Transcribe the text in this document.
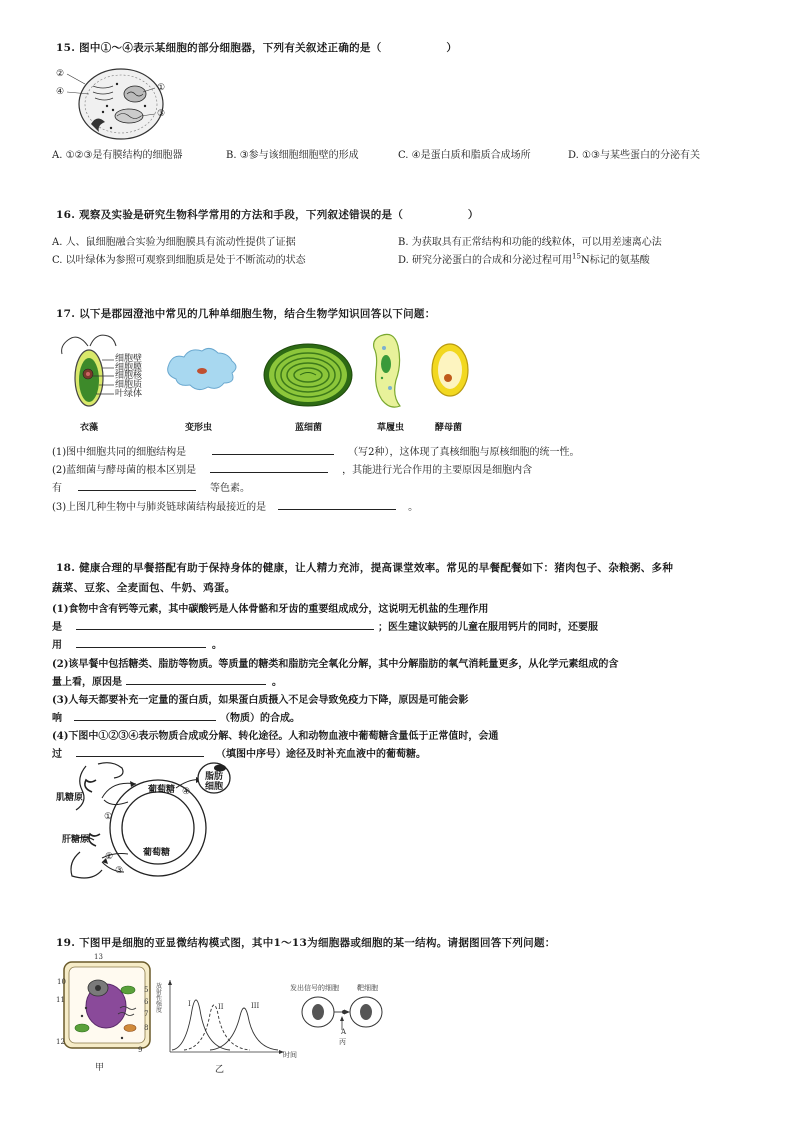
15. 图中①～④表示某细胞的部分细胞器，下列有关叙述正确的是（　　　　　　）
②
④	①
③
A. ①②③是有膜结构的细胞器	B. ③参与该细胞细胞壁的形成	C. ④是蛋白质和脂质合成场所	D. ①③与某些蛋白的分泌有关
16. 观察及实验是研究生物科学常用的方法和手段，下列叙述错误的是（　　　　　　）
A. 人、鼠细胞融合实验为细胞膜具有流动性提供了证据	B. 为获取具有正常结构和功能的线粒体，可以用差速离心法
C. 以叶绿体为参照可观察到细胞质是处于不断流动的状态	D. 研究分泌蛋白的合成和分泌过程可用$^{15}$N标记的氨基酸
17. 以下是郡园澄池中常见的几种单细胞生物，结合生物学知识回答以下问题：
细胞壁
细胞膜
细胞核
细胞质
叶绿体
衣藻	变形虫	蓝细菌	草履虫	酵母菌
(1)图中细胞共同的细胞结构是	（写2种），这体现了真核细胞与原核细胞的统一性。
(2)蓝细菌与酵母菌的根本区别是	，其能进行光合作用的主要原因是细胞内含
有	等色素。
(3)上图几种生物中与肺炎链球菌结构最接近的是	。
18. 健康合理的早餐搭配有助于保持身体的健康，让人精力充沛，提高课堂效率。常见的早餐配餐如下：猪肉包子、杂粮粥、多种
蔬菜、豆浆、全麦面包、牛奶、鸡蛋。
(1)食物中含有钙等元素，其中碳酸钙是人体骨骼和牙齿的重要组成成分，这说明无机盐的生理作用
是	；医生建议缺钙的儿童在服用钙片的同时，还要服
用	。
(2)该早餐中包括糖类、脂肪等物质。等质量的糖类和脂肪完全氧化分解，其中分解脂肪的氧气消耗量更多，从化学元素组成的含
量上看，原因是	。
(3)人每天都要补充一定量的蛋白质，如果蛋白质摄入不足会导致免疫力下降，原因是可能会影
响	（物质）的合成。
(4)下图中①②③④表示物质合成或分解、转化途径。人和动物血液中葡萄糖含量低于正常值时，会通
过	（填图中序号）途径及时补充血液中的葡萄糖。
肌糖原
肝糖原
葡萄糖
葡萄糖
脂肪
细胞
①
②
③
④
19. 下图甲是细胞的亚显微结构模式图，其中1～13为细胞器或细胞的某一结构。请据图回答下列问题：
13
10
11
12
9
7
8
5
6
甲
放射性强度
时间
I	II	III
乙
发出信号的细胞	靶细胞
A
丙
